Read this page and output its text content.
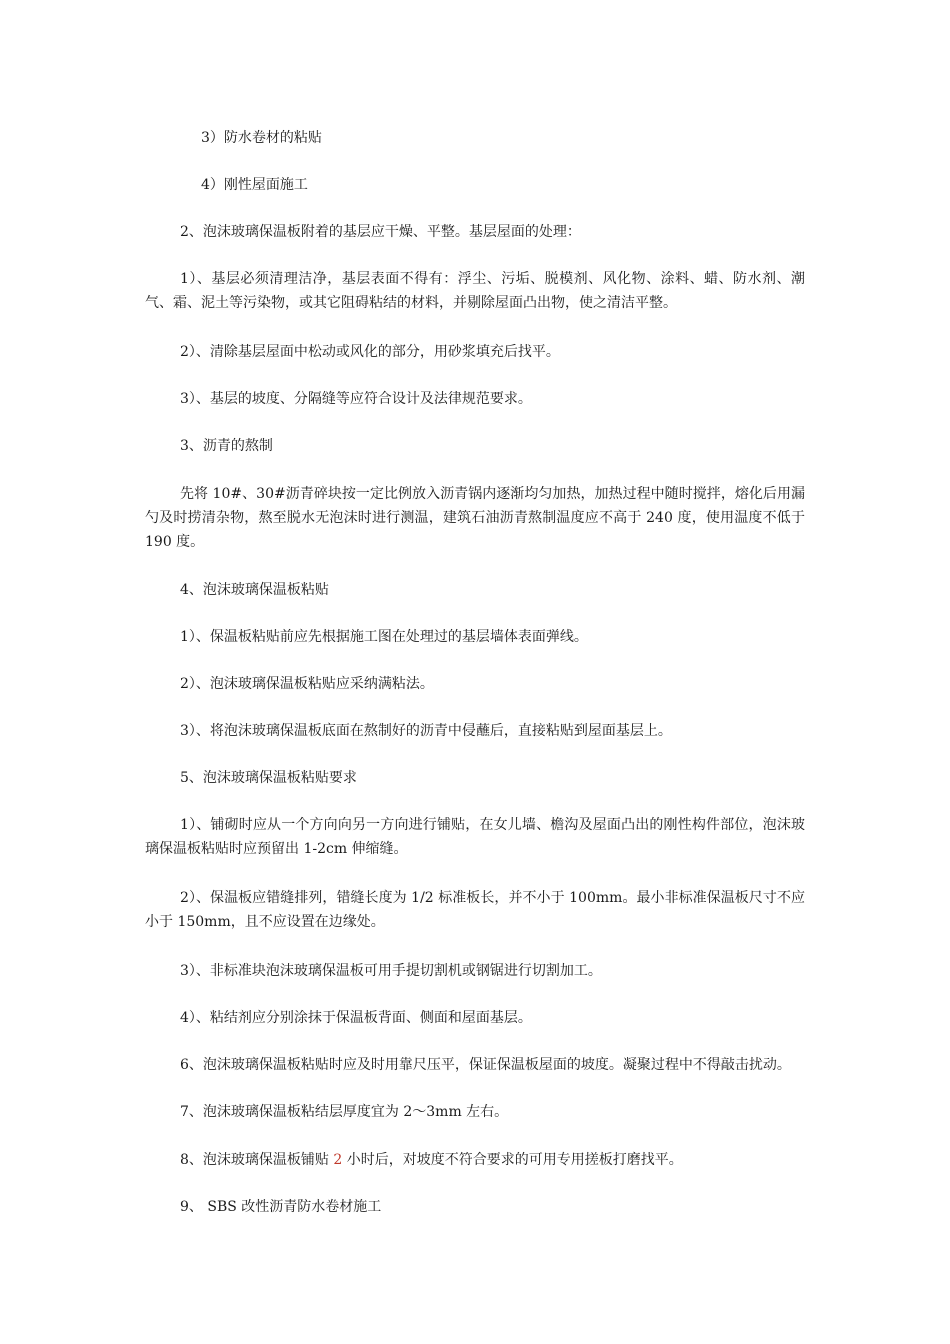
3）防水卷材的粘贴

4）刚性屋面施工

2、泡沫玻璃保温板附着的基层应干燥、平整。基层屋面的处理：

1）、基层必须清理洁净，基层表面不得有：浮尘、污垢、脱模剂、风化物、涂料、蜡、防水剂、潮气、霜、泥土等污染物，或其它阻碍粘结的材料，并剔除屋面凸出物，使之清洁平整。

2）、清除基层屋面中松动或风化的部分，用砂浆填充后找平。

3）、基层的坡度、分隔缝等应符合设计及法律规范要求。

3、沥青的熬制

先将 10#、30#沥青碎块按一定比例放入沥青锅内逐渐均匀加热，加热过程中随时搅拌，熔化后用漏勺及时捞清杂物，熬至脱水无泡沫时进行测温，建筑石油沥青熬制温度应不高于 240 度，使用温度不低于 190 度。

4、泡沫玻璃保温板粘贴

1）、保温板粘贴前应先根据施工图在处理过的基层墙体表面弹线。

2）、泡沫玻璃保温板粘贴应采纳满粘法。

3）、将泡沫玻璃保温板底面在熬制好的沥青中侵蘸后，直接粘贴到屋面基层上。

5、泡沫玻璃保温板粘贴要求

1）、铺砌时应从一个方向向另一方向进行铺贴，在女儿墙、檐沟及屋面凸出的刚性构件部位，泡沫玻璃保温板粘贴时应预留出 1-2cm 伸缩缝。

2）、保温板应错缝排列，错缝长度为 1/2 标准板长，并不小于 100mm。最小非标准保温板尺寸不应小于 150mm，且不应设置在边缘处。

3）、非标准块泡沫玻璃保温板可用手提切割机或钢锯进行切割加工。

4）、粘结剂应分别涂抹于保温板背面、侧面和屋面基层。

6、泡沫玻璃保温板粘贴时应及时用靠尺压平，保证保温板屋面的坡度。凝聚过程中不得敲击扰动。

7、泡沫玻璃保温板粘结层厚度宜为 2～3mm 左右。

8、泡沫玻璃保温板铺贴 2 小时后，对坡度不符合要求的可用专用搓板打磨找平。

9、 SBS 改性沥青防水卷材施工
